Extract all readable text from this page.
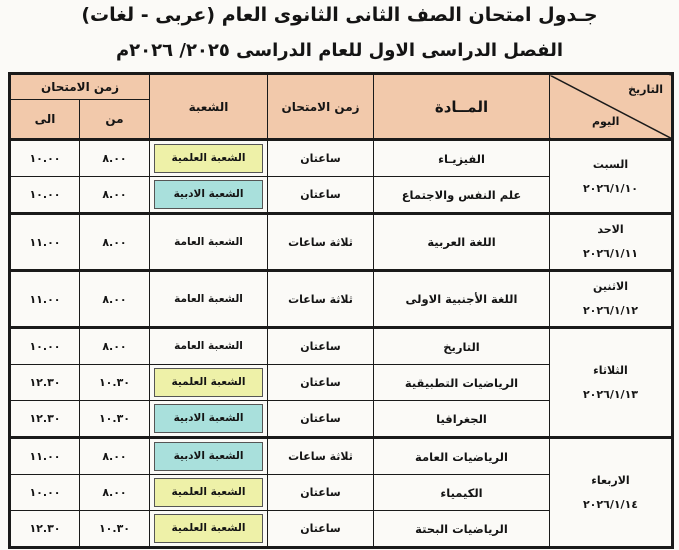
جـدول امتحان الصف الثانى الثانوى العام (عربى - لغات)
الفصل الدراسى الاول للعام الدراسى ٢٠٢٥/ ٢٠٢٦م
زمن الامتحان		الشعبة	زمن الامتحان	المــادة	التاريخ
اليوم

الى	من				
١٠.٠٠	٨.٠٠	الشعبة العلمية	ساعتان	الفيزيـاء	السبت
٢٠٢٦/١/١٠

١٠.٠٠	٨.٠٠	الشعبة الادبية	ساعتان	علم النفس والاجتماع	
١١.٠٠	٨.٠٠	الشعبة العامة	ثلاثة ساعات	اللغة العربية	الاحد
٢٠٢٦/١/١١

١١.٠٠	٨.٠٠	الشعبة العامة	ثلاثة ساعات	اللغة الأجنبية الاولى	الاثنين
٢٠٢٦/١/١٢

١٠.٠٠	٨.٠٠	الشعبة العامة	ساعتان	التاريخ	الثلاثاء
٢٠٢٦/١/١٣

١٢.٣٠	١٠.٣٠	الشعبة العلمية	ساعتان	الرياضيات التطبيقية	
١٢.٣٠	١٠.٣٠	الشعبة الادبية	ساعتان	الجغرافيا	
١١.٠٠	٨.٠٠	الشعبة الادبية	ثلاثة ساعات	الرياضيات العامة	الاربعاء
٢٠٢٦/١/١٤

١٠.٠٠	٨.٠٠	الشعبة العلمية	ساعتان	الكيمياء	
١٢.٣٠	١٠.٣٠	الشعبة العلمية	ساعتان	الرياضيات البحتة	
